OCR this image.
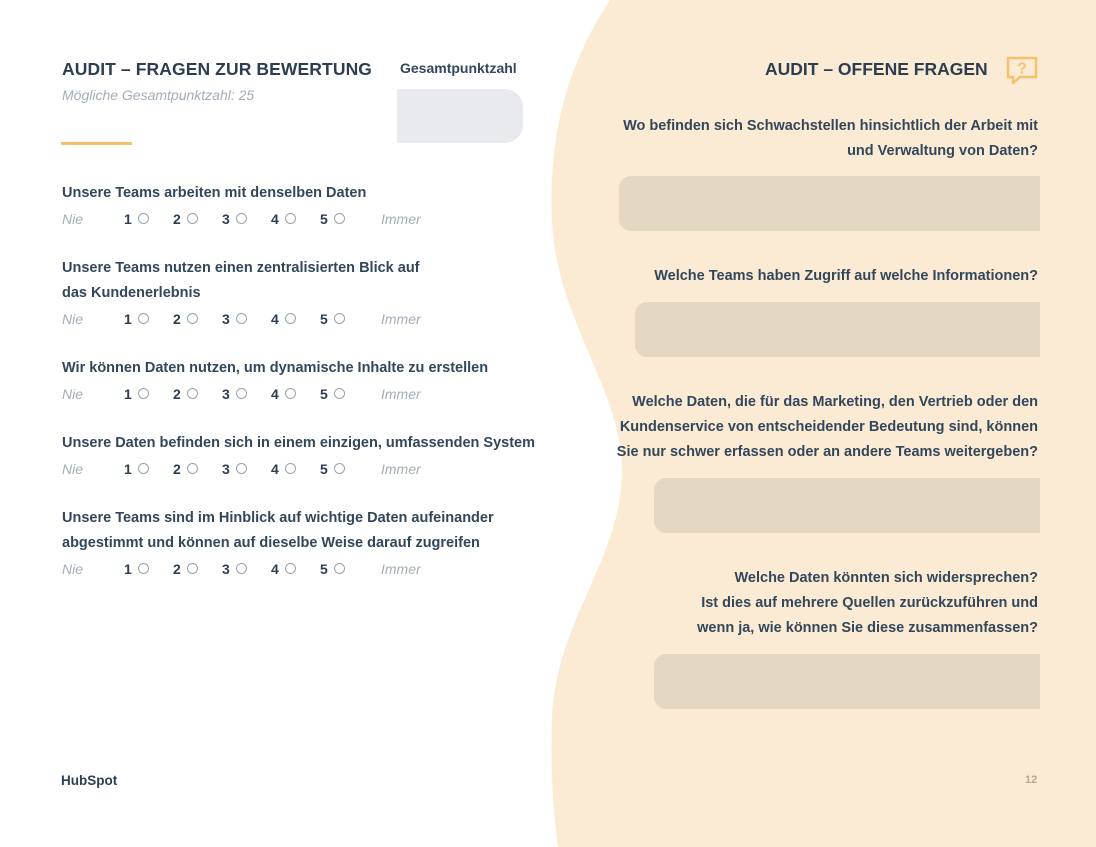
AUDIT – FRAGEN ZUR BEWERTUNG
Mögliche Gesamtpunktzahl: 25
Gesamtpunktzahl
Unsere Teams arbeiten mit denselben Daten
Nie	1	2	3	4	5	Immer
Unsere Teams nutzen einen zentralisierten Blick auf
das Kundenerlebnis
Nie	1	2	3	4	5	Immer
Wir können Daten nutzen, um dynamische Inhalte zu erstellen
Nie	1	2	3	4	5	Immer
Unsere Daten befinden sich in einem einzigen, umfassenden System
Nie	1	2	3	4	5	Immer
Unsere Teams sind im Hinblick auf wichtige Daten aufeinander
abgestimmt und können auf dieselbe Weise darauf zugreifen
Nie	1	2	3	4	5	Immer
AUDIT – OFFENE FRAGEN ?
Wo befinden sich Schwachstellen hinsichtlich der Arbeit mit
und Verwaltung von Daten?
Welche Teams haben Zugriff auf welche Informationen?
Welche Daten, die für das Marketing, den Vertrieb oder den
Kundenservice von entscheidender Bedeutung sind, können
Sie nur schwer erfassen oder an andere Teams weitergeben?
Welche Daten könnten sich widersprechen?
Ist dies auf mehrere Quellen zurückzuführen und
wenn ja, wie können Sie diese zusammenfassen?
HubSpot	12
